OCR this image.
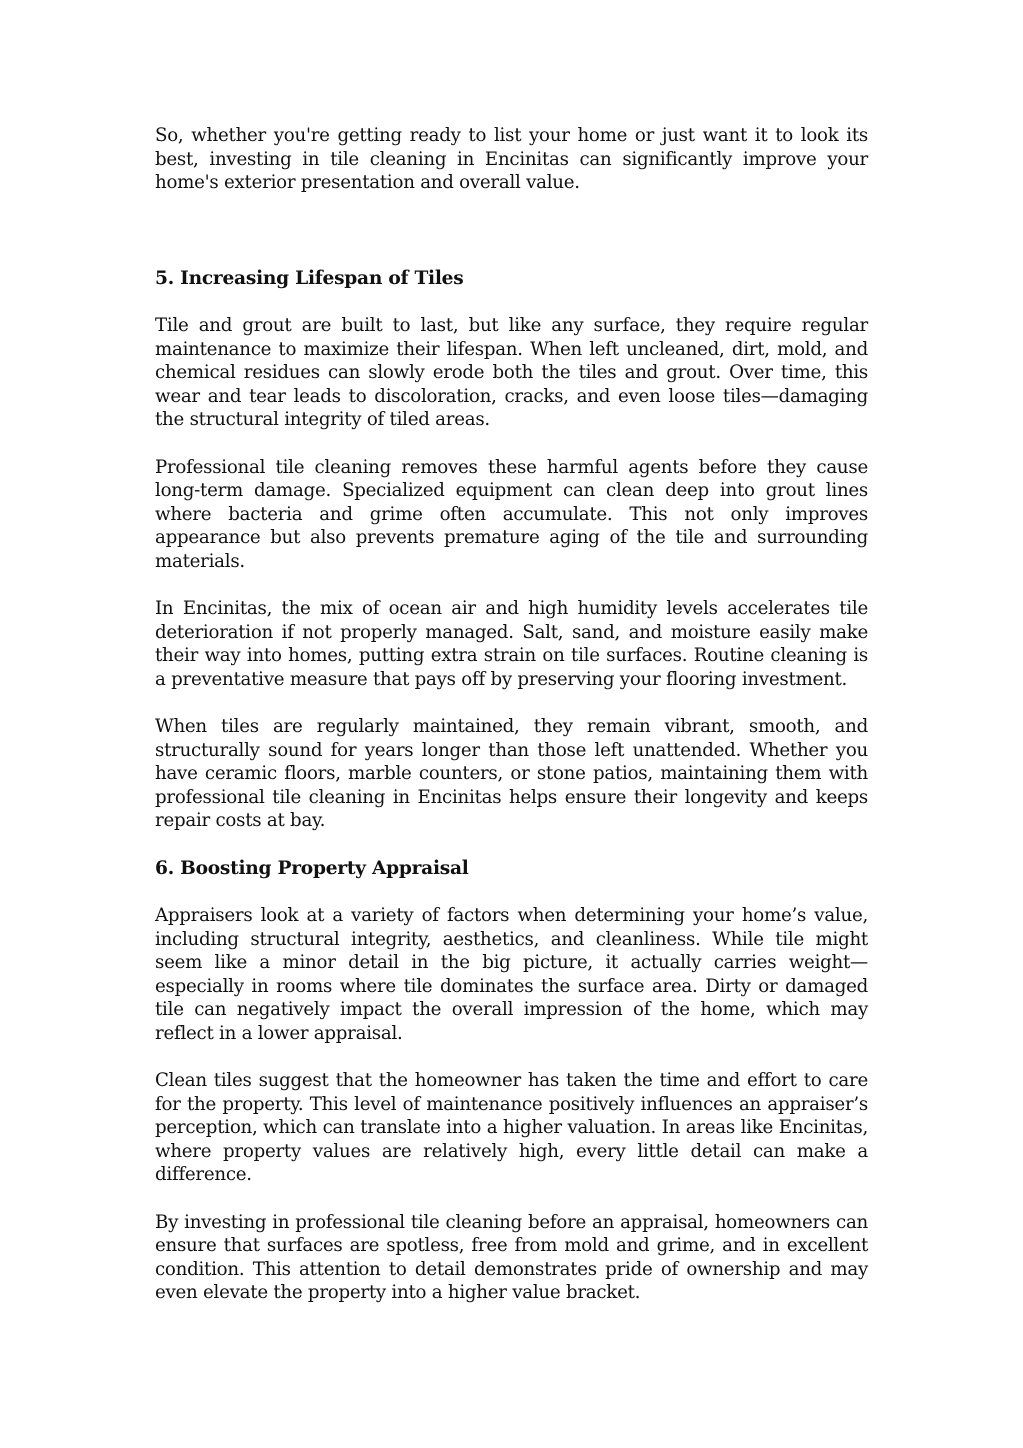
So, whether you're getting ready to list your home or just want it to look its best, investing in tile cleaning in Encinitas can significantly improve your home's exterior presentation and overall value.

5. Increasing Lifespan of Tiles

Tile and grout are built to last, but like any surface, they require regular maintenance to maximize their lifespan. When left uncleaned, dirt, mold, and chemical residues can slowly erode both the tiles and grout. Over time, this wear and tear leads to discoloration, cracks, and even loose tiles—damaging the structural integrity of tiled areas.

Professional tile cleaning removes these harmful agents before they cause long-term damage. Specialized equipment can clean deep into grout lines where bacteria and grime often accumulate. This not only improves appearance but also prevents premature aging of the tile and surrounding materials.

In Encinitas, the mix of ocean air and high humidity levels accelerates tile deterioration if not properly managed. Salt, sand, and moisture easily make their way into homes, putting extra strain on tile surfaces. Routine cleaning is a preventative measure that pays off by preserving your flooring investment.

When tiles are regularly maintained, they remain vibrant, smooth, and structurally sound for years longer than those left unattended. Whether you have ceramic floors, marble counters, or stone patios, maintaining them with professional tile cleaning in Encinitas helps ensure their longevity and keeps repair costs at bay.

6. Boosting Property Appraisal

Appraisers look at a variety of factors when determining your home’s value, including structural integrity, aesthetics, and cleanliness. While tile might seem like a minor detail in the big picture, it actually carries weight—especially in rooms where tile dominates the surface area. Dirty or damaged tile can negatively impact the overall impression of the home, which may reflect in a lower appraisal.

Clean tiles suggest that the homeowner has taken the time and effort to care for the property. This level of maintenance positively influences an appraiser’s perception, which can translate into a higher valuation. In areas like Encinitas, where property values are relatively high, every little detail can make a difference.

By investing in professional tile cleaning before an appraisal, homeowners can ensure that surfaces are spotless, free from mold and grime, and in excellent condition. This attention to detail demonstrates pride of ownership and may even elevate the property into a higher value bracket.
